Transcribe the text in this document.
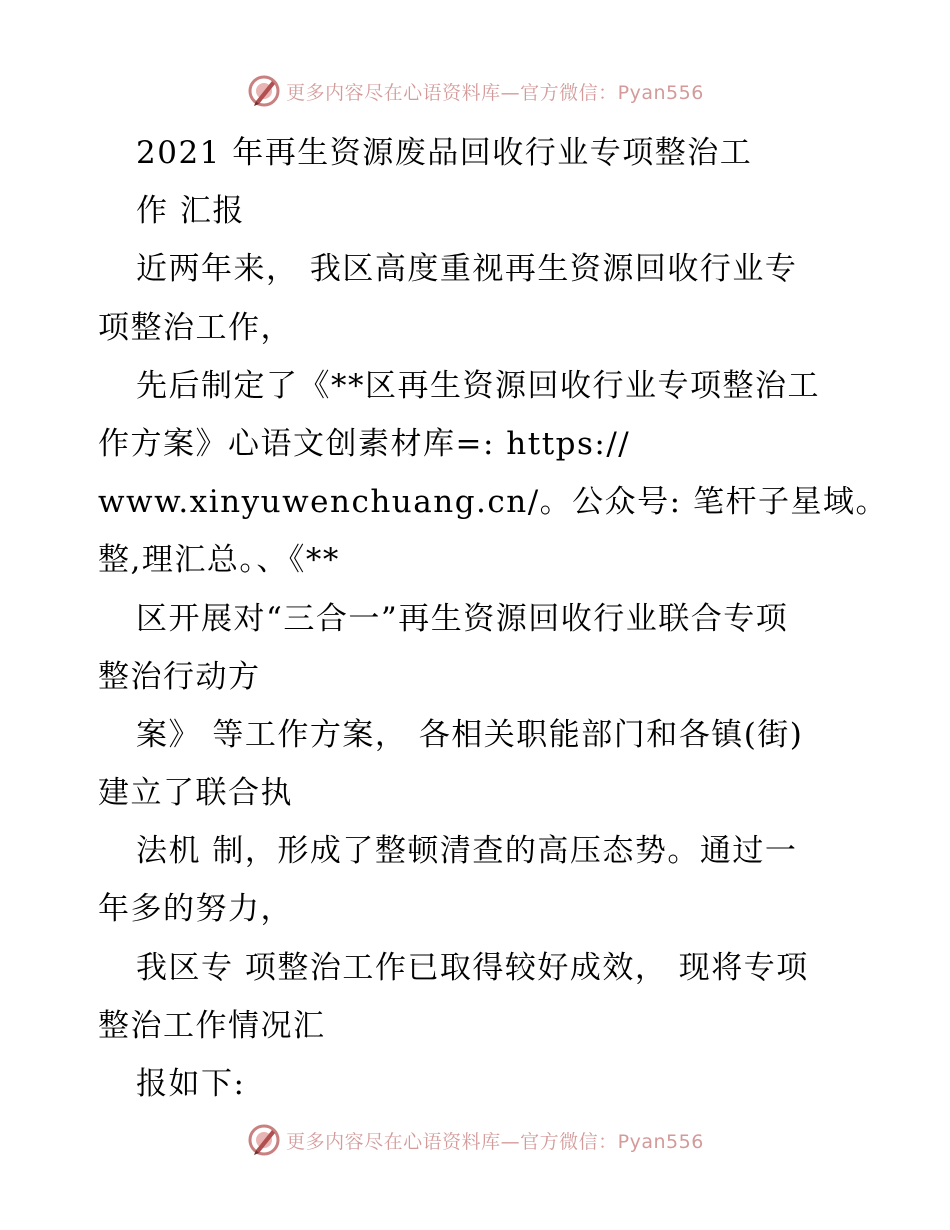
更多内容尽在心语资料库—官方微信：Pyan556
2021 年再生资源废品回收行业专项整治工
作 汇报
近两年来， 我区高度重视再生资源回收行业专
项整治工作，
先后制定了《**区再生资源回收行业专项整治工
作方案》心语文创素材库=: https://
www.xinyuwenchuang.cn/。公众号: 笔杆子星域。
整,理汇总。、《**
区开展对“三合一”再生资源回收行业联合专项
整治行动方
案》 等工作方案， 各相关职能部门和各镇(街)
建立了联合执
法机 制，形成了整顿清查的高压态势。通过一
年多的努力，
我区专 项整治工作已取得较好成效， 现将专项
整治工作情况汇
报如下:
更多内容尽在心语资料库—官方微信：Pyan556
